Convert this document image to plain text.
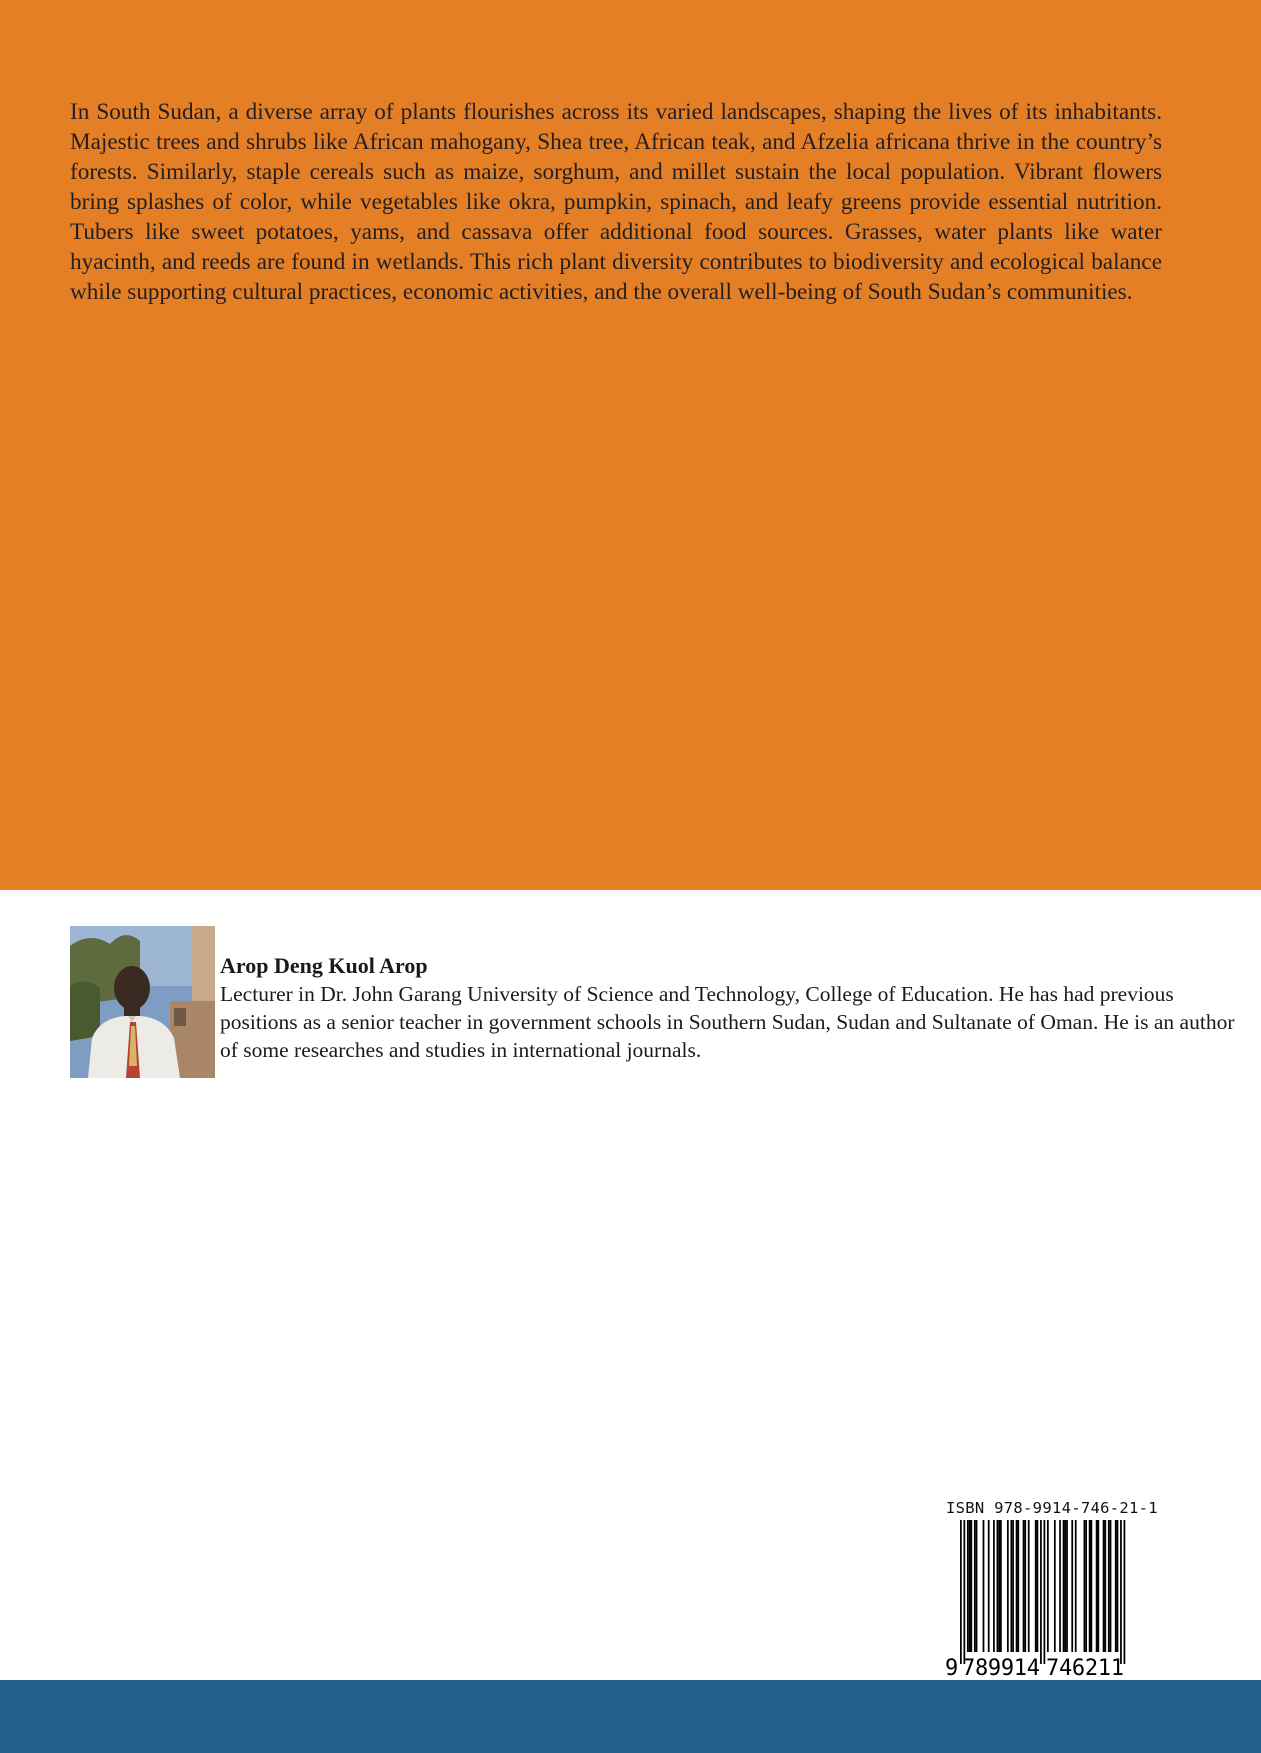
In South Sudan, a diverse array of plants flourishes across its varied landscapes, shaping the lives of its inhabitants. Majestic trees and shrubs like African mahogany, Shea tree, African teak, and Afzelia africana thrive in the country’s forests. Similarly, staple cereals such as maize, sorghum, and millet sustain the local population. Vibrant flowers bring splashes of color, while vegetables like okra, pumpkin, spinach, and leafy greens provide essential nutrition. Tubers like sweet potatoes, yams, and cassava offer additional food sources. Grasses, water plants like water hyacinth, and reeds are found in wetlands. This rich plant diversity contributes to biodiversity and ecological balance while supporting cultural practices, economic activities, and the overall well-being of South Sudan’s communities.

Arop Deng Kuol Arop

Lecturer in Dr. John Garang University of Science and Technology, College of Education. He has had previous positions as a senior teacher in government schools in Southern Sudan, Sudan and Sultanate of Oman. He is an author of some researches and studies in international journals.

ISBN 978-9914-746-21-1
9 789914 746211
